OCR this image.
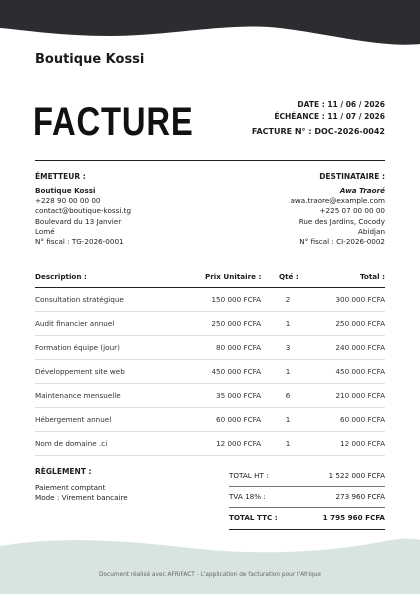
Boutique Kossi
FACTURE	DATE : 11 / 06 / 2026
ÉCHÉANCE : 11 / 07 / 2026
FACTURE N° : DOC-2026-0042
ÉMETTEUR :	DESTINATAIRE :
Boutique Kossi
+228 90 00 00 00
contact@boutique-kossi.tg
Boulevard du 13 Janvier
Lomé
N° fiscal : TG-2026-0001
Awa Traoré
awa.traore@example.com
+225 07 00 00 00
Rue des Jardins, Cocody
Abidjan
N° fiscal : CI-2026-0002
Description :	Prix Unitaire : Qté :	Total :
Consultation stratégique	150 000 FCFA	2	300 000 FCFA
Audit financier annuel	250 000 FCFA	1	250 000 FCFA
Formation équipe (jour)	80 000 FCFA	3	240 000 FCFA
Développement site web	450 000 FCFA	1	450 000 FCFA
Maintenance mensuelle	35 000 FCFA	6	210 000 FCFA
Hébergement annuel	60 000 FCFA	1	60 000 FCFA
Nom de domaine .ci	12 000 FCFA	1	12 000 FCFA
RÈGLEMENT :
Paiement comptant
Mode : Virement bancaire
TOTAL HT :	1 522 000 FCFA
TVA 18% :	273 960 FCFA
TOTAL TTC :	1 795 960 FCFA
Document réalisé avec AFRIFACT - L'application de facturation pour l'Afrique
